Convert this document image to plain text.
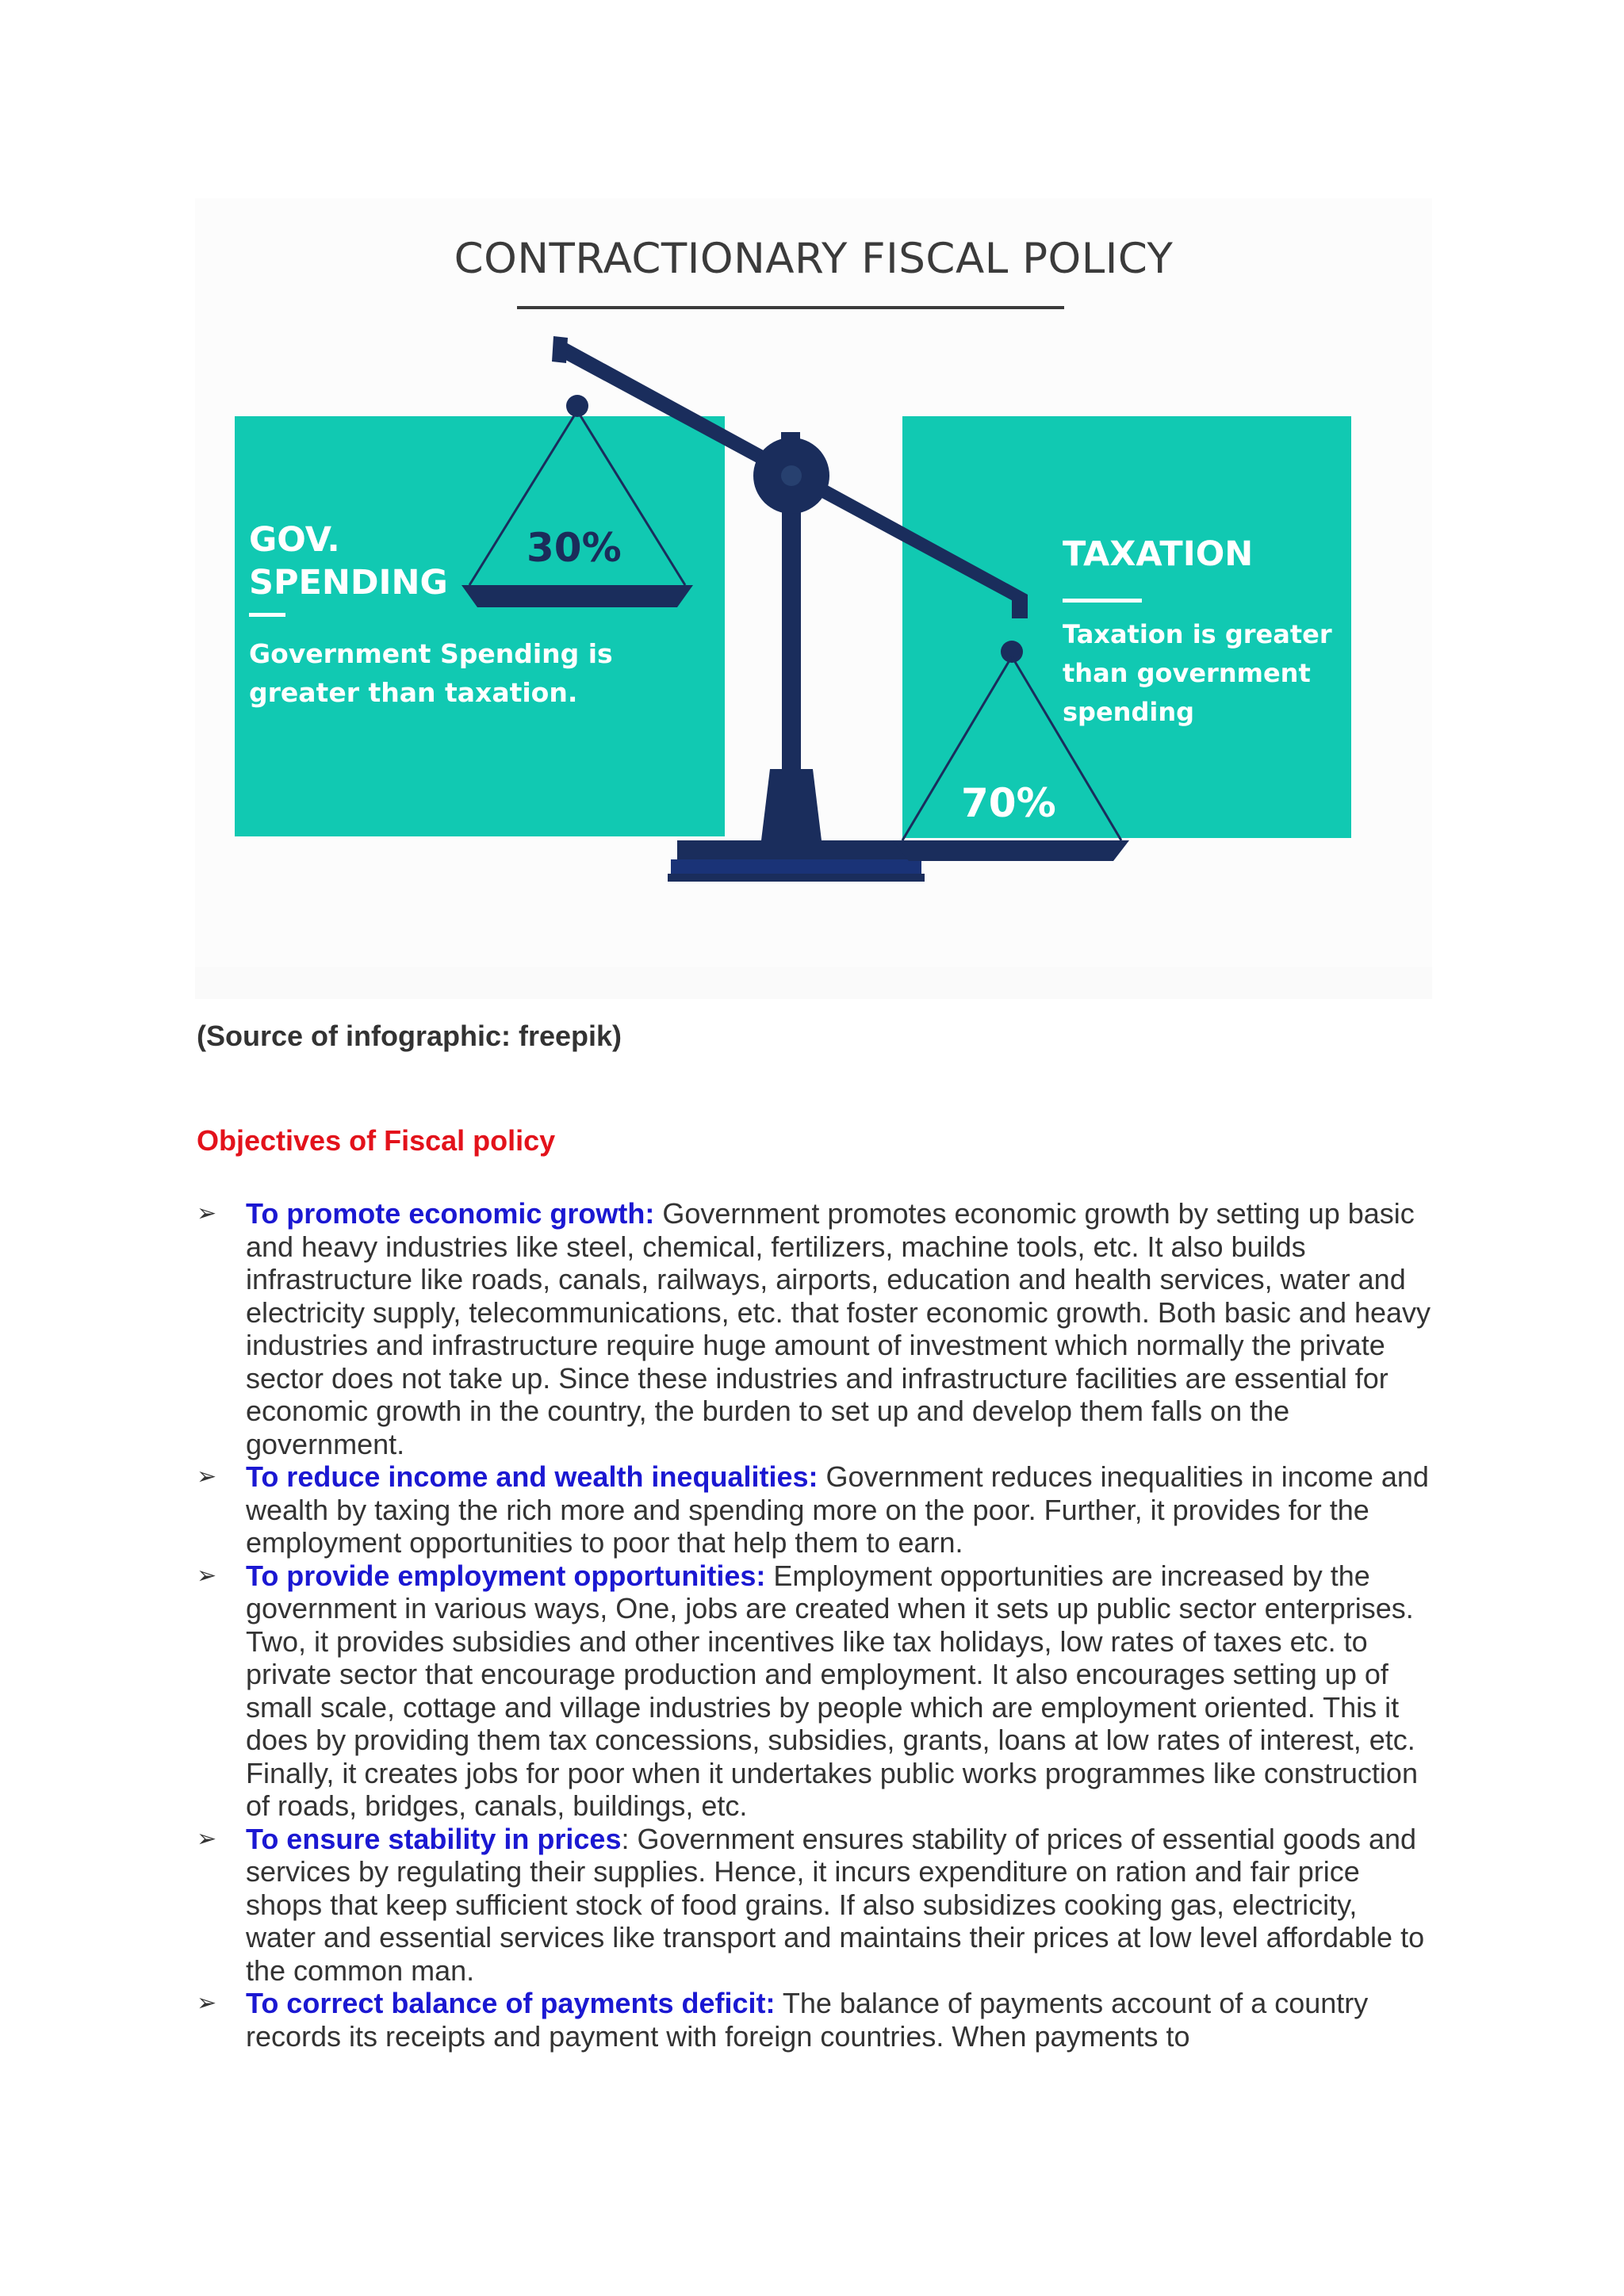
CONTRACTIONARY FISCAL POLICY
GOV.
SPENDING
Government Spending is
greater than taxation.
30%	TAXATION
Taxation is greater
than government
spending
70%
(Source of infographic: freepik)
Objectives of Fiscal policy
➢	To promote economic growth: Government promotes economic growth by setting up basic and heavy industries like steel, chemical, fertilizers, machine tools, etc. It also builds infrastructure like roads, canals, railways, airports, education and health services, water and electricity supply, telecommunications, etc. that foster economic growth. Both basic and heavy industries and infrastructure require huge amount of investment which normally the private sector does not take up. Since these industries and infrastructure facilities are essential for economic growth in the country, the burden to set up and develop them falls on the government.
➢	To reduce income and wealth inequalities: Government reduces inequalities in income and wealth by taxing the rich more and spending more on the poor. Further, it provides for the employment opportunities to poor that help them to earn.
➢	To provide employment opportunities: Employment opportunities are increased by the government in various ways, One, jobs are created when it sets up public sector enterprises. Two, it provides subsidies and other incentives like tax holidays, low rates of taxes etc. to private sector that encourage production and employment. It also encourages setting up of small scale, cottage and village industries by people which are employment oriented. This it does by providing them tax concessions, subsidies, grants, loans at low rates of interest, etc. Finally, it creates jobs for poor when it undertakes public works programmes like construction of roads, bridges, canals, buildings, etc.
➢	To ensure stability in prices: Government ensures stability of prices of essential goods and services by regulating their supplies. Hence, it incurs expenditure on ration and fair price shops that keep sufficient stock of food grains. If also subsidizes cooking gas, electricity, water and essential services like transport and maintains their prices at low level affordable to the common man.
➢	To correct balance of payments deficit: The balance of payments account of a country records its receipts and payment with foreign countries. When payments to
